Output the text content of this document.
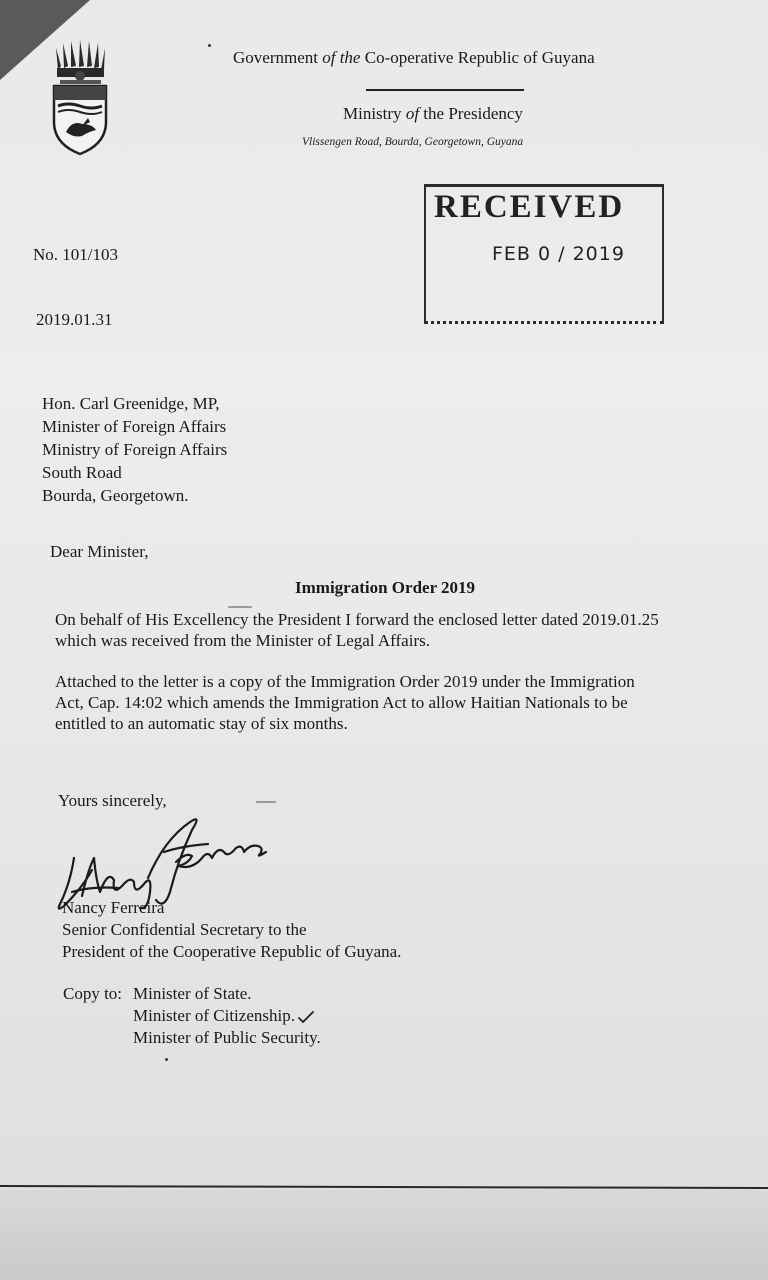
Government of the Co-operative Republic of Guyana
Ministry of the Presidency
Vlissengen Road, Bourda, Georgetown, Guyana
RECEIVED
FEB 0 / 2019
No. 101/103
2019.01.31
Hon. Carl Greenidge, MP,
Minister of Foreign Affairs
Ministry of Foreign Affairs
South Road
Bourda, Georgetown.
Dear Minister,
Immigration Order 2019
On behalf of His Excellency the President I forward the enclosed letter dated 2019.01.25
which was received from the Minister of Legal Affairs.
Attached to the letter is a copy of the Immigration Order 2019 under the Immigration
Act, Cap. 14:02 which amends the Immigration Act to allow Haitian Nationals to be
entitled to an automatic stay of six months.
Yours sincerely,
Nancy Ferreira
Senior Confidential Secretary to the
President of the Cooperative Republic of Guyana.
Copy to: Minister of State.
Minister of Citizenship.
Minister of Public Security.
